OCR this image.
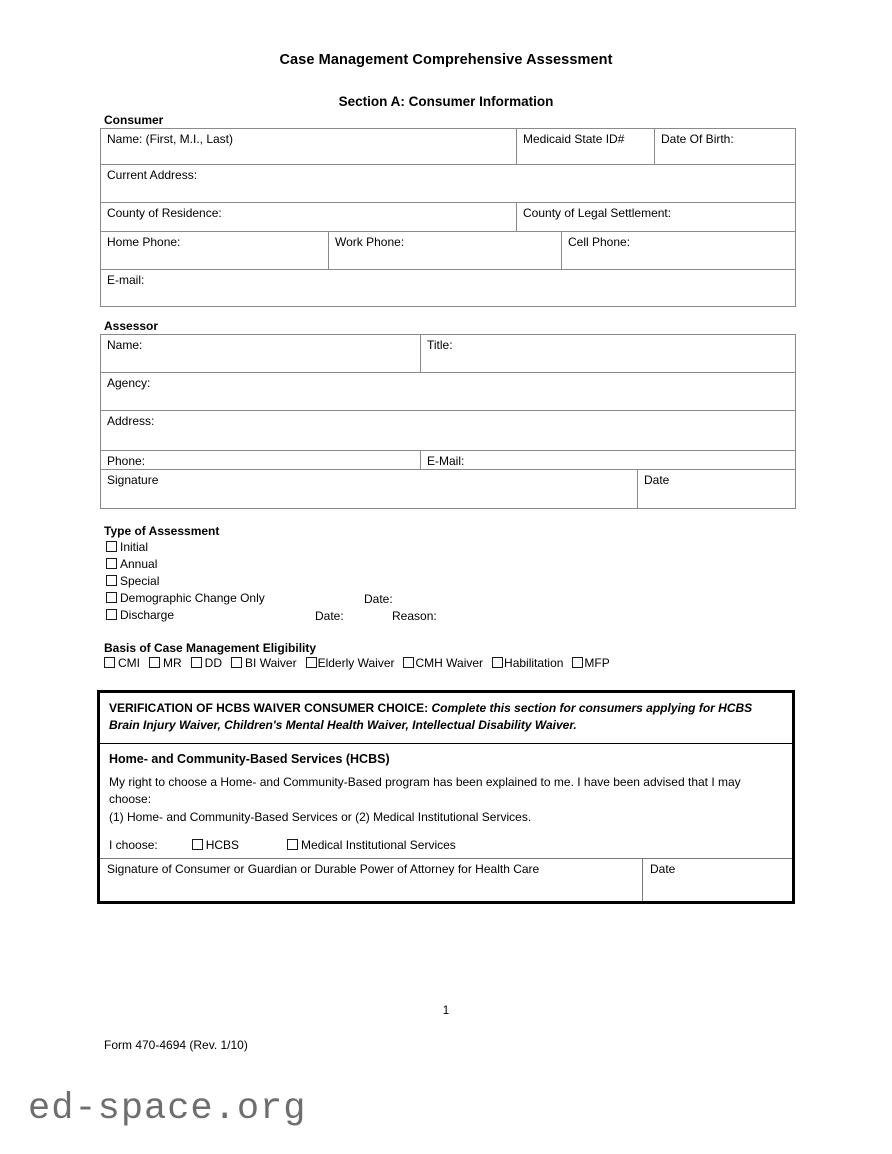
Case Management Comprehensive Assessment
Section A: Consumer Information
Consumer
Name: (First, M.I., Last)	Medicaid State ID#	Date Of Birth:
Current Address:		
County of Residence:	County of Legal Settlement:	
Home Phone:	Work Phone:	Cell Phone:
E-mail:
Assessor
Name:	Title:	
Agency:		
Address:		
Phone:	E-Mail:	
Signature		Date
Type of Assessment
Initial
Annual
Special
Demographic Change Only	Date:
Discharge	Date:	Reason:
Basis of Case Management Eligibility
CMI MR DD BI Waiver Elderly Waiver CMH Waiver Habilitation MFP
VERIFICATION OF HCBS WAIVER CONSUMER CHOICE: Complete this section for consumers applying for HCBS Brain Injury Waiver, Children's Mental Health Waiver, Intellectual Disability Waiver.
Home- and Community-Based Services (HCBS)
My right to choose a Home- and Community-Based program has been explained to me. I have been advised that I may choose:
(1) Home- and Community-Based Services or (2) Medical Institutional Services.
I choose:	HCBS	Medical Institutional Services
Signature of Consumer or Guardian or Durable Power of Attorney for Health Care	Date
1
Form 470-4694 (Rev. 1/10)
ed-space.org
